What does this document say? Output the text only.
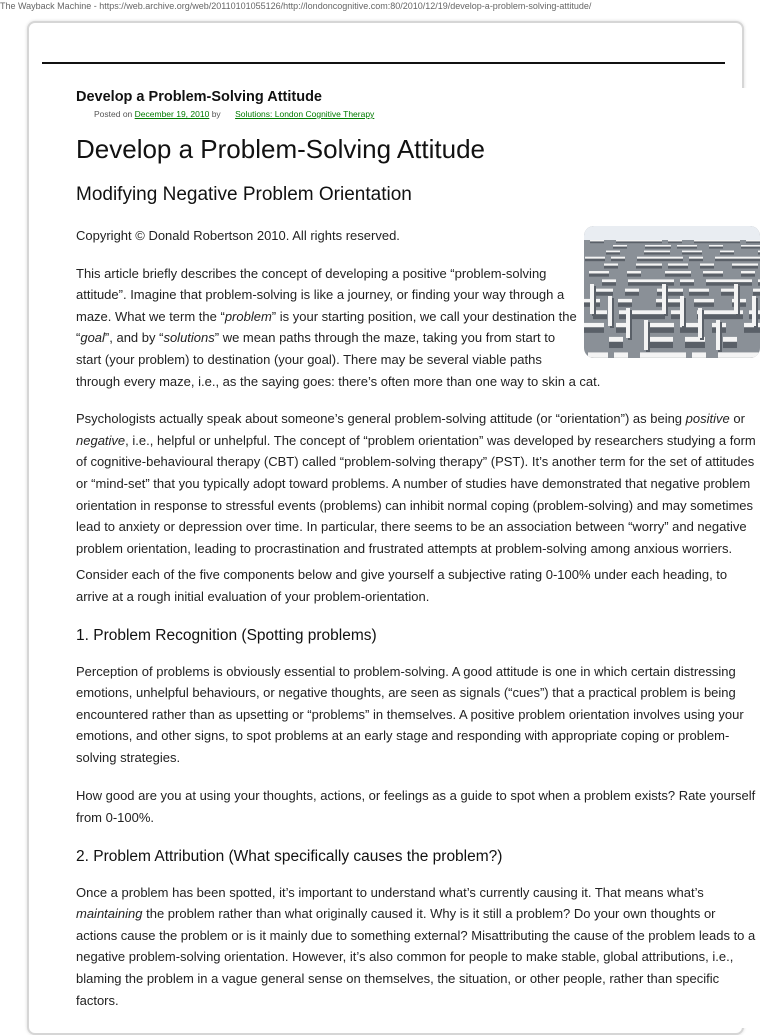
The Wayback Machine - https://web.archive.org/web/20110101055126/http://londoncognitive.com:80/2010/12/19/develop-a-problem-solving-attitude/
Develop a Problem-Solving Attitude
Posted on December 19, 2010 by Solutions: London Cognitive Therapy
Develop a Problem-Solving Attitude
Modifying Negative Problem Orientation

Copyright © Donald Robertson 2010. All rights reserved.

This article briefly describes the concept of developing a positive “problem-solving attitude”. Imagine that problem-solving is like a journey, or finding your way through a maze. What we term the “problem” is your starting position, we call your destination the “goal”, and by “solutions” we mean paths through the maze, taking you from start to start (your problem) to destination (your goal). There may be several viable paths through every maze, i.e., as the saying goes: there’s often more than one way to skin a cat.

Psychologists actually speak about someone’s general problem-solving attitude (or “orientation”) as being positive or negative, i.e., helpful or unhelpful. The concept of “problem orientation” was developed by researchers studying a form of cognitive-behavioural therapy (CBT) called “problem-solving therapy” (PST). It’s another term for the set of attitudes or “mind-set” that you typically adopt toward problems. A number of studies have demonstrated that negative problem orientation in response to stressful events (problems) can inhibit normal coping (problem-solving) and may sometimes lead to anxiety or depression over time. In particular, there seems to be an association between “worry” and negative problem orientation, leading to procrastination and frustrated attempts at problem-solving among anxious worriers.

Consider each of the five components below and give yourself a subjective rating 0-100% under each heading, to arrive at a rough initial evaluation of your problem-orientation.

1. Problem Recognition (Spotting problems)

Perception of problems is obviously essential to problem-solving. A good attitude is one in which certain distressing emotions, unhelpful behaviours, or negative thoughts, are seen as signals (“cues”) that a practical problem is being encountered rather than as upsetting or “problems” in themselves. A positive problem orientation involves using your emotions, and other signs, to spot problems at an early stage and responding with appropriate coping or problem-solving strategies.

How good are you at using your thoughts, actions, or feelings as a guide to spot when a problem exists? Rate yourself from 0-100%.

2. Problem Attribution (What specifically causes the problem?)

Once a problem has been spotted, it’s important to understand what’s currently causing it. That means what’s maintaining the problem rather than what originally caused it. Why is it still a problem? Do your own thoughts or actions cause the problem or is it mainly due to something external? Misattributing the cause of the problem leads to a negative problem-solving orientation. However, it’s also common for people to make stable, global attributions, i.e., blaming the problem in a vague general sense on themselves, the situation, or other people, rather than specific factors.
